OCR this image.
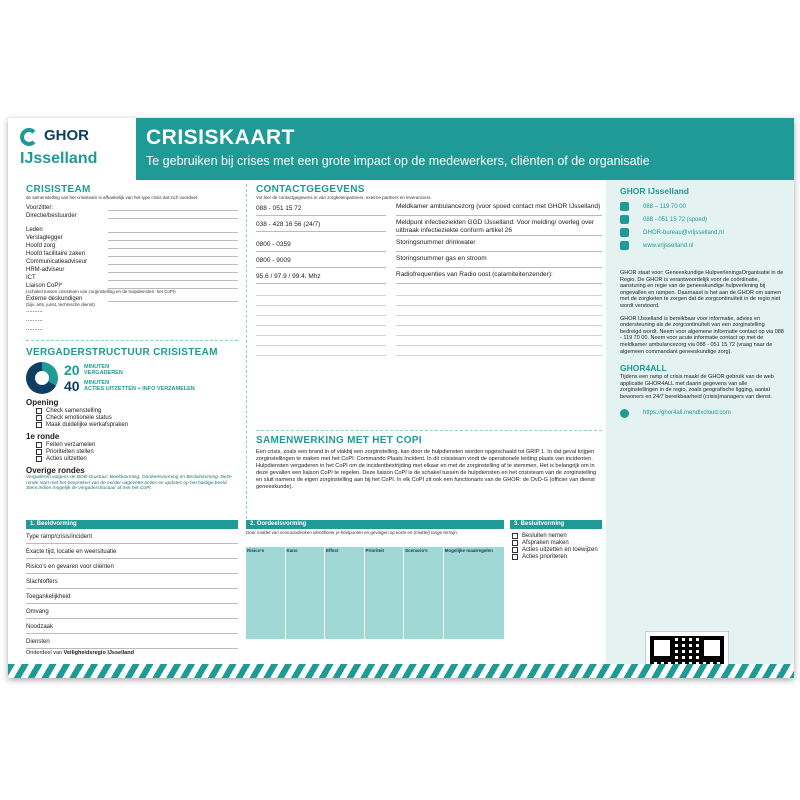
GHOR
IJsselland
CRISISKAART
Te gebruiken bij crises met een grote impact op de medewerkers, cliënten of de organisatie
CRISISTEAM
de samenstelling van het crisisteam is afhankelijk van het type crisis dat zich voordoet
Voorzitter:
Directie/bestuurder
Leden
Verslaglegger
Hoofd zorg
Hoofd facilitaire zaken
Communicatieadviseur
HRM-adviseur
ICT
Liaison CoPI*
(schakel tussen crisisteam van zorginstelling en de hulpdiensten: het CoPI)
Externe deskundigen
(bijv. arts, jurist, technische dienst)
..........
..........
..........
VERGADERSTRUCTUUR CRISISTEAM
20 MINUTEN
VERGADEREN
40 MINUTEN
ACTIES UITZETTEN + INFO VERZAMELEN
Opening
Check samenstelling
Check emotionele status
Maak duidelijke werkafspraken
1e ronde
Feiten verzamelen
Prioriteiten stellen
Acties uitzetten
Overige rondes
Vergaderen volgens de BOB-structuur: Beeldvorming, Oordeelsvorming en Besluitvorming. Deze ronde start met het bespreken van de eerder uitgezette acties en updates op het huidige beeld. Stem indien mogelijk de vergaderstructuur af met het CoPI.
CONTACTGEGEVENS
Vul hier de contactgegevens in van zorgketenpartners, externe partners en leveranciers.
088 - 051 15 72	Meldkamer ambulancezorg (voor spoed contact met GHOR IJsselland)
038 - 428 16 56 (24/7)	Meldpunt infectieziekten GGD IJsselland: Voor melding/ overleg over uitbraak infectieziekte conform artikel 26
0800 - 0359	Storingsnummer drinkwater
0800 - 9009	Storingsnummer gas en stroom
95.6 / 97.9 / 99.4. Mhz	Radiofrequenties van Radio oost (calamiteitenzender):
SAMENWERKING MET HET COPI

Een crisis, zoals een brand in of vlakbij een zorginstelling, kan door de hulpdiensten worden opgeschaald tot GRIP 1. In dat geval krijgen zorginstellingen te maken met het CoPI: Commando Plaats Incident. In dit crisisteam vindt de operationele leiding plaats van incidenten. Hulpdiensten vergaderen in het CoPI om de incidentbestrijding met elkaar en met de zorginstelling af te stemmen. Het is belangrijk om in deze gevallen een liaison CoPI te regelen. Deze liaison CoPI is de schakel tussen de hulpdiensten en het crisisteam van de zorginstelling en sluit namens de eigen zorginstelling aan bij het CoPI. In elk CoPI zit ook een functionaris van de GHOR: de OvD-G (officier van dienst geneeskunde).

1. Beeldvorming
Type ramp/crisis/incident
Exacte tijd, locatie en weersituatie
Risico's en gevaren voor cliënten
Slachtoffers
Toegankelijkheid
Omvang
Noodzaak
Diensten
2. Oordeelsvorming
Door middel van scenariodenken identificeer je knelpunten en gevolgen op korte en (middel) lange termijn.
Risico's	Kans	Effect	Prioriteit	Scenario's	Mogelijke maatregelen
3. Besluitvorming
Besluiten nemen
Afspraken maken
Acties uitzetten en toewijzen
Acties prioriteren
Onderdeel van Veiligheidsregio IJsselland
GHOR IJsselland
088 – 119 70 00
088 - 051 15 72 (spoed)
GHOR-bureau@vrijsselland.nl
www.vrijsselland.nl
GHOR staat voor: Geneeskundige HulpverleningsOrganisatie in de Regio. De GHOR is verantwoordelijk voor de coördinatie, aansturing en regie van de geneeskundige hulpverlening bij ongevallen en rampen. Daarnaast is het aan de GHOR om samen met de zorgketen te zorgen dat de zorgcontinuïteit in de regio niet wordt verstoord.
GHOR IJsselland is bereikbaar voor informatie, advies en ondersteuning als de zorgcontinuïteit van een zorginstelling bedreigd wordt. Neem voor algemene informatie contact op via 088 - 119 70 00. Neem voor acute informatie contact op met de meldkamer ambulancezorg via 088 - 051 15 72 (vraag naar de algemeen commandant geneeskundige zorg).
GHOR4ALL
Tijdens een ramp of crisis maakt de GHOR gebruik van de web applicatie GHOR4ALL met daarin gegevens van alle zorginstellingen in de regio, zoals geografische ligging, aantal bewoners en 24/7 bereikbaarheid (crisis)managers van dienst.
https://ghor4all.mendixcloud.com
